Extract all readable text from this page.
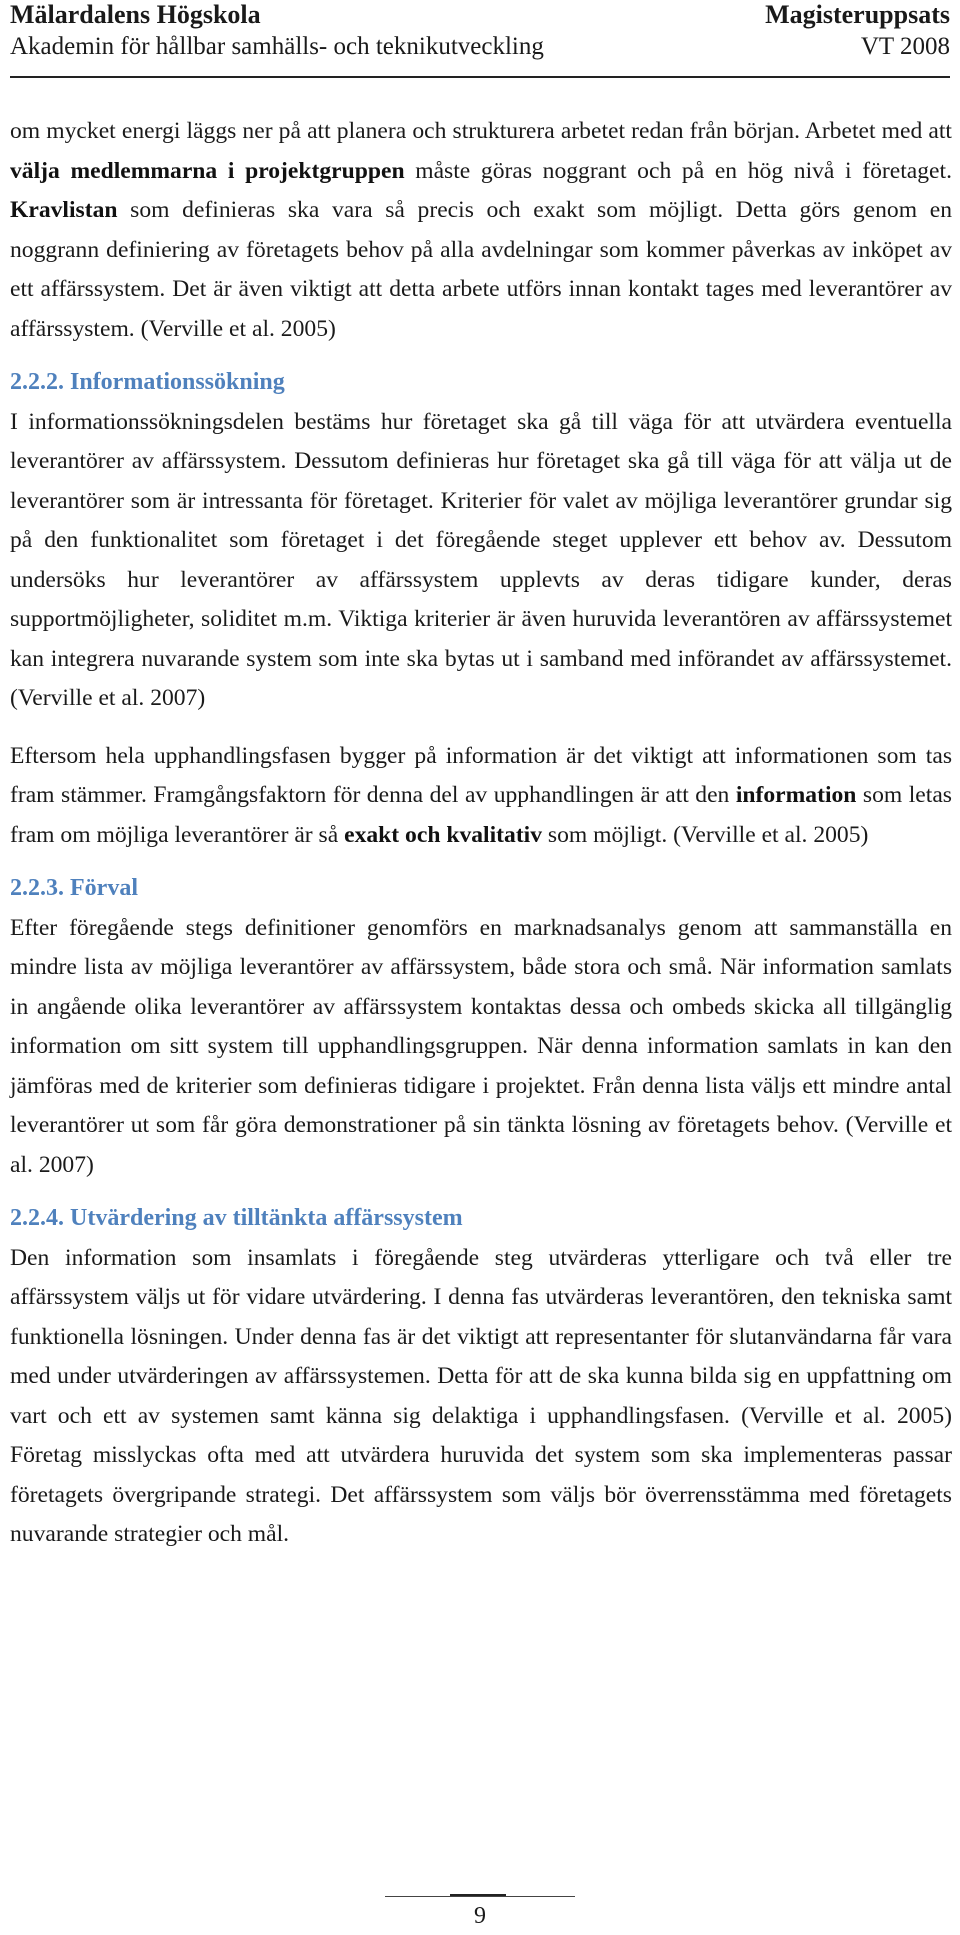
Mälardalens Högskola	Magisteruppsats
Akademin för hållbar samhälls- och teknikutveckling	VT 2008

om mycket energi läggs ner på att planera och strukturera arbetet redan från början. Arbetet med att välja medlemmarna i projektgruppen måste göras noggrant och på en hög nivå i företaget. Kravlistan som definieras ska vara så precis och exakt som möjligt. Detta görs genom en noggrann definiering av företagets behov på alla avdelningar som kommer påverkas av inköpet av ett affärssystem. Det är även viktigt att detta arbete utförs innan kontakt tages med leverantörer av affärssystem. (Verville et al. 2005)

2.2.2. Informationssökning

I informationssökningsdelen bestäms hur företaget ska gå till väga för att utvärdera eventuella leverantörer av affärssystem. Dessutom definieras hur företaget ska gå till väga för att välja ut de leverantörer som är intressanta för företaget. Kriterier för valet av möjliga leverantörer grundar sig på den funktionalitet som företaget i det föregående steget upplever ett behov av. Dessutom undersöks hur leverantörer av affärssystem upplevts av deras tidigare kunder, deras supportmöjligheter, soliditet m.m. Viktiga kriterier är även huruvida leverantören av affärssystemet kan integrera nuvarande system som inte ska bytas ut i samband med införandet av affärssystemet. (Verville et al. 2007)

Eftersom hela upphandlingsfasen bygger på information är det viktigt att informationen som tas fram stämmer. Framgångsfaktorn för denna del av upphandlingen är att den information som letas fram om möjliga leverantörer är så exakt och kvalitativ som möjligt. (Verville et al. 2005)

2.2.3. Förval

Efter föregående stegs definitioner genomförs en marknadsanalys genom att sammanställa en mindre lista av möjliga leverantörer av affärssystem, både stora och små. När information samlats in angående olika leverantörer av affärssystem kontaktas dessa och ombeds skicka all tillgänglig information om sitt system till upphandlingsgruppen. När denna information samlats in kan den jämföras med de kriterier som definieras tidigare i projektet. Från denna lista väljs ett mindre antal leverantörer ut som får göra demonstrationer på sin tänkta lösning av företagets behov. (Verville et al. 2007)

2.2.4. Utvärdering av tilltänkta affärssystem

Den information som insamlats i föregående steg utvärderas ytterligare och två eller tre affärssystem väljs ut för vidare utvärdering. I denna fas utvärderas leverantören, den tekniska samt funktionella lösningen. Under denna fas är det viktigt att representanter för slutanvändarna får vara med under utvärderingen av affärssystemen. Detta för att de ska kunna bilda sig en uppfattning om vart och ett av systemen samt känna sig delaktiga i upphandlingsfasen. (Verville et al. 2005) Företag misslyckas ofta med att utvärdera huruvida det system som ska implementeras passar företagets övergripande strategi. Det affärssystem som väljs bör överrensstämma med företagets nuvarande strategier och mål.

9
